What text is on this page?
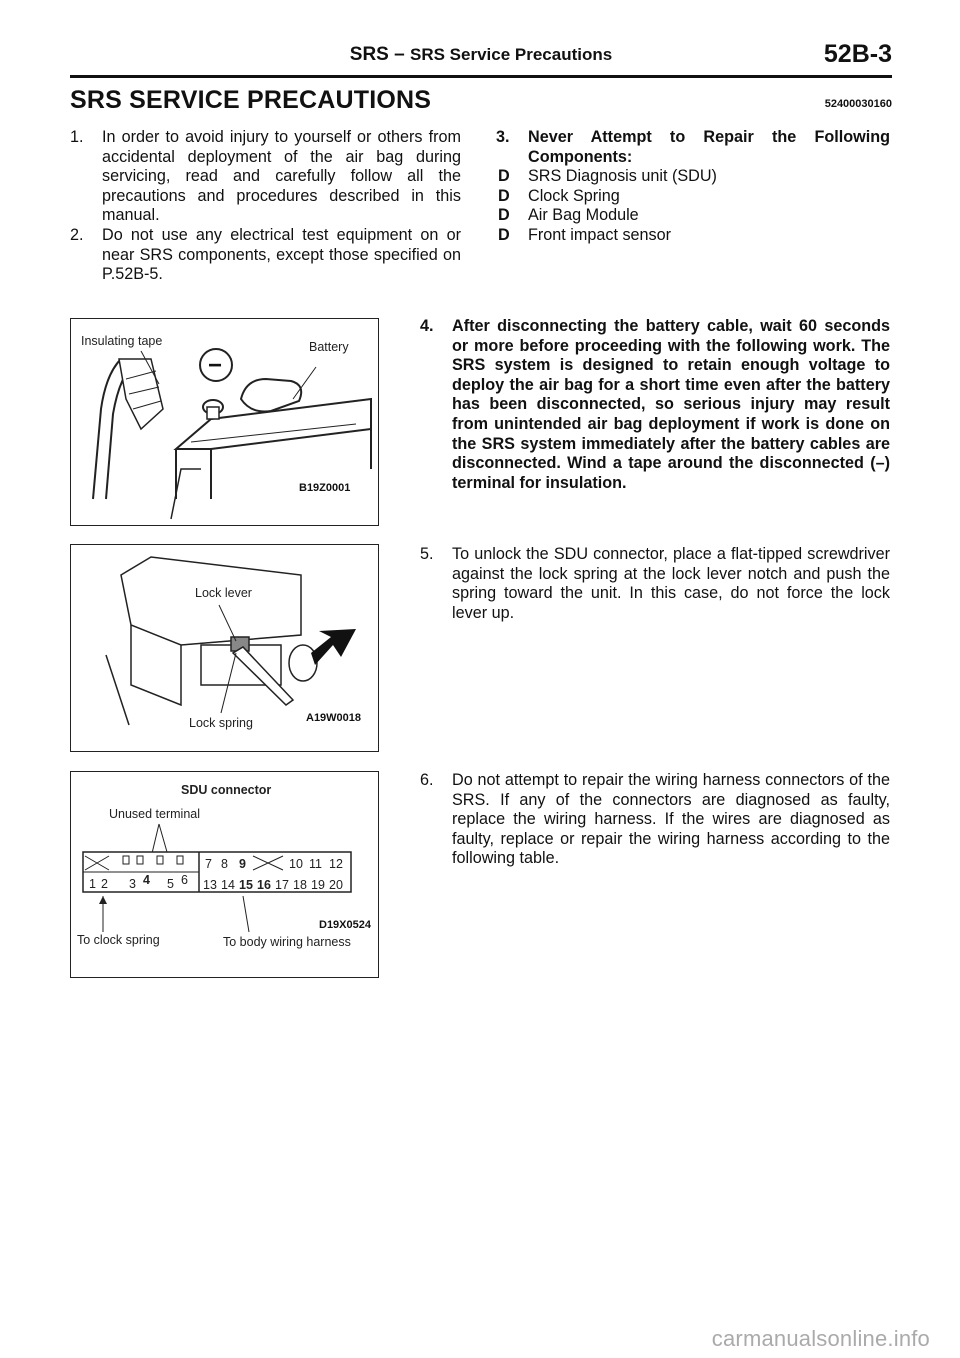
SRS – SRS Service Precautions	52B-3
SRS SERVICE PRECAUTIONS	52400030160
1. In order to avoid injury to yourself or others from accidental deployment of the air bag during servicing, read and carefully follow all the precautions and procedures described in this manual.
2. Do not use any electrical test equipment on or near SRS components, except those specified on P.52B-5.
3. Never Attempt to Repair the Following Components:
D SRS Diagnosis unit (SDU)
D Clock Spring
D Air Bag Module
D Front impact sensor
4. After disconnecting the battery cable, wait 60 seconds or more before proceeding with the following work. The SRS system is designed to retain enough voltage to deploy the air bag for a short time even after the battery has been disconnected, so serious injury may result from unintended air bag deployment if work is done on the SRS system immediately after the battery cables are disconnected. Wind a tape around the disconnected (–) terminal for insulation.
5. To unlock the SDU connector, place a flat-tipped screwdriver against the lock spring at the lock lever notch and push the spring toward the unit. In this case, do not force the lock lever up.
6. Do not attempt to repair the wiring harness connectors of the SRS. If any of the connectors are diagnosed as faulty, replace the wiring harness. If the wires are diagnosed as faulty, replace or repair the wiring harness according to the following table.
−
Insulating tape	Battery
B19Z0001
Lock lever
Lock spring	A19W0018
SDU connector
Unused terminal
7 8 9	10 11 12
1 2 3 4 5 6 13 14 15 16 17 18 19 20
To clock spring	To body wiring harness
D19X0524
carmanualsonline.info
